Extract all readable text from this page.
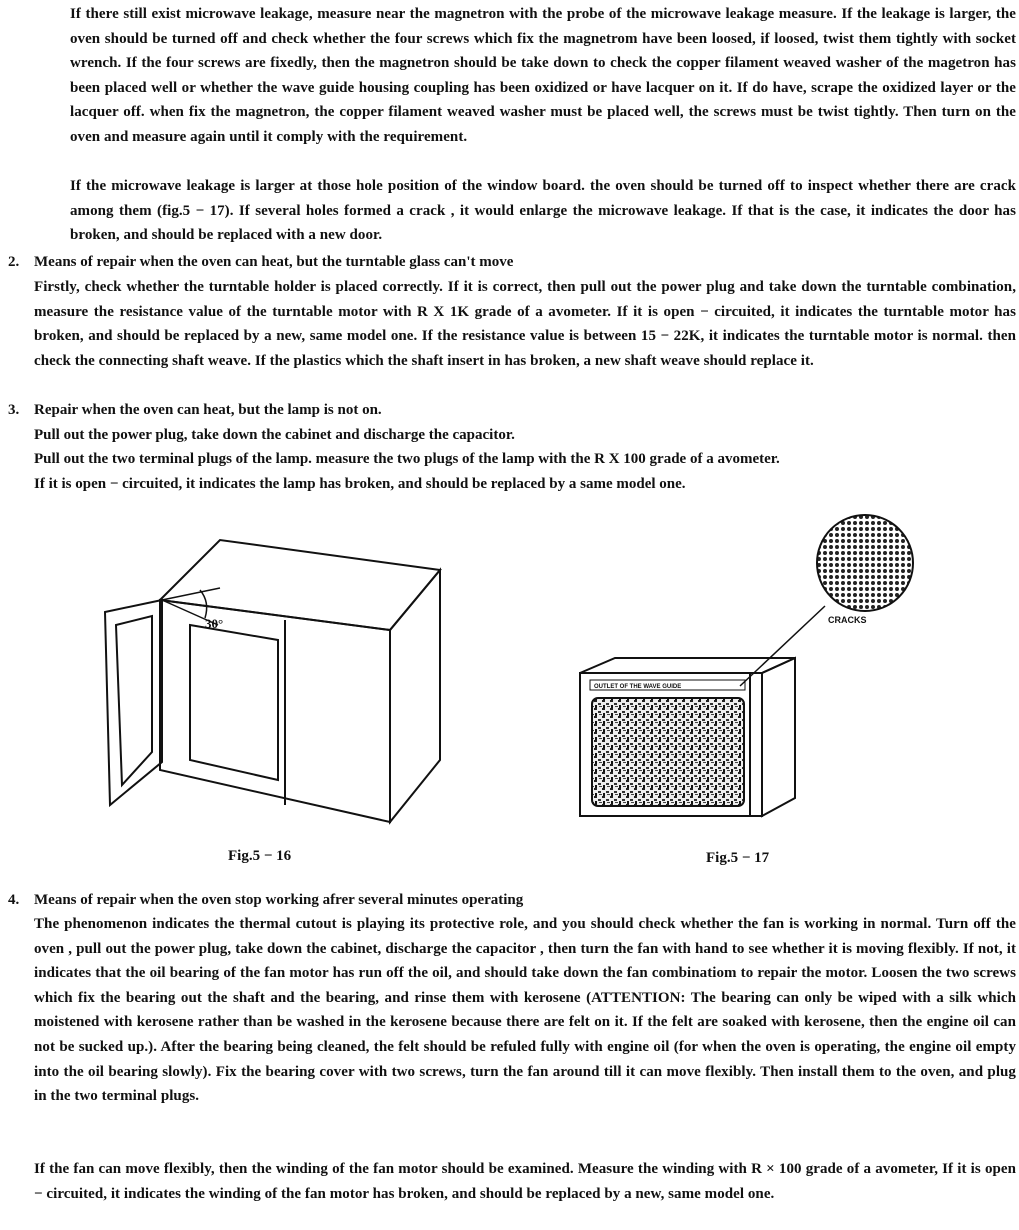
If there still exist microwave leakage, measure near the magnetron with the probe of the microwave leakage measure. If the leakage is larger, the oven should be turned off and check whether the four screws which fix the magnetrom have been loosed, if loosed, twist them tightly with socket wrench. If the four screws are fixedly, then the magnetron should be take down to check the copper filament weaved washer of the magetron has been placed well or whether the wave guide housing coupling has been oxidized or have lacquer on it. If do have, scrape the oxidized layer or the lacquer off. when fix the magnetron, the copper filament weaved washer must be placed well, the screws must be twist tightly. Then turn on the oven and measure again until it comply with the requirement.

If the microwave leakage is larger at those hole position of the window board. the oven should be turned off to inspect whether there are crack among them (fig.5 − 17). If several holes formed a crack , it would enlarge the microwave leakage. If that is the case, it indicates the door has broken, and should be replaced with a new door.

2. Means of repair when the oven can heat, but the turntable glass can't move

Firstly, check whether the turntable holder is placed correctly. If it is correct, then pull out the power plug and take down the turntable combination, measure the resistance value of the turntable motor with R X 1K grade of a avometer. If it is open − circuited, it indicates the turntable motor has broken, and should be replaced by a new, same model one. If the resistance value is between 15 − 22K, it indicates the turntable motor is normal. then check the connecting shaft weave. If the plastics which the shaft insert in has broken, a new shaft weave should replace it.

3. Repair when the oven can heat, but the lamp is not on.
Pull out the power plug, take down the cabinet and discharge the capacitor.
Pull out the two terminal plugs of the lamp. measure the two plugs of the lamp with the R X 100 grade of a avometer.
If it is open − circuited, it indicates the lamp has broken, and should be replaced by a same model one.
30°	CRACKS
OUTLET OF THE WAVE GUIDE
Fig.5 − 16	Fig.5 − 17
4. Means of repair when the oven stop working afrer several minutes operating

The phenomenon indicates the thermal cutout is playing its protective role, and you should check whether the fan is working in normal. Turn off the oven , pull out the power plug, take down the cabinet, discharge the capacitor , then turn the fan with hand to see whether it is moving flexibly. If not, it indicates that the oil bearing of the fan motor has run off the oil, and should take down the fan combinatiom to repair the motor. Loosen the two screws which fix the bearing out the shaft and the bearing, and rinse them with kerosene (ATTENTION: The bearing can only be wiped with a silk which moistened with kerosene rather than be washed in the kerosene because there are felt on it. If the felt are soaked with kerosene, then the engine oil can not be sucked up.). After the bearing being cleaned, the felt should be refuled fully with engine oil (for when the oven is operating, the engine oil empty into the oil bearing slowly). Fix the bearing cover with two screws, turn the fan around till it can move flexibly. Then install them to the oven, and plug in the two terminal plugs.

If the fan can move flexibly, then the winding of the fan motor should be examined. Measure the winding with R × 100 grade of a avometer, If it is open − circuited, it indicates the winding of the fan motor has broken, and should be replaced by a new, same model one.
